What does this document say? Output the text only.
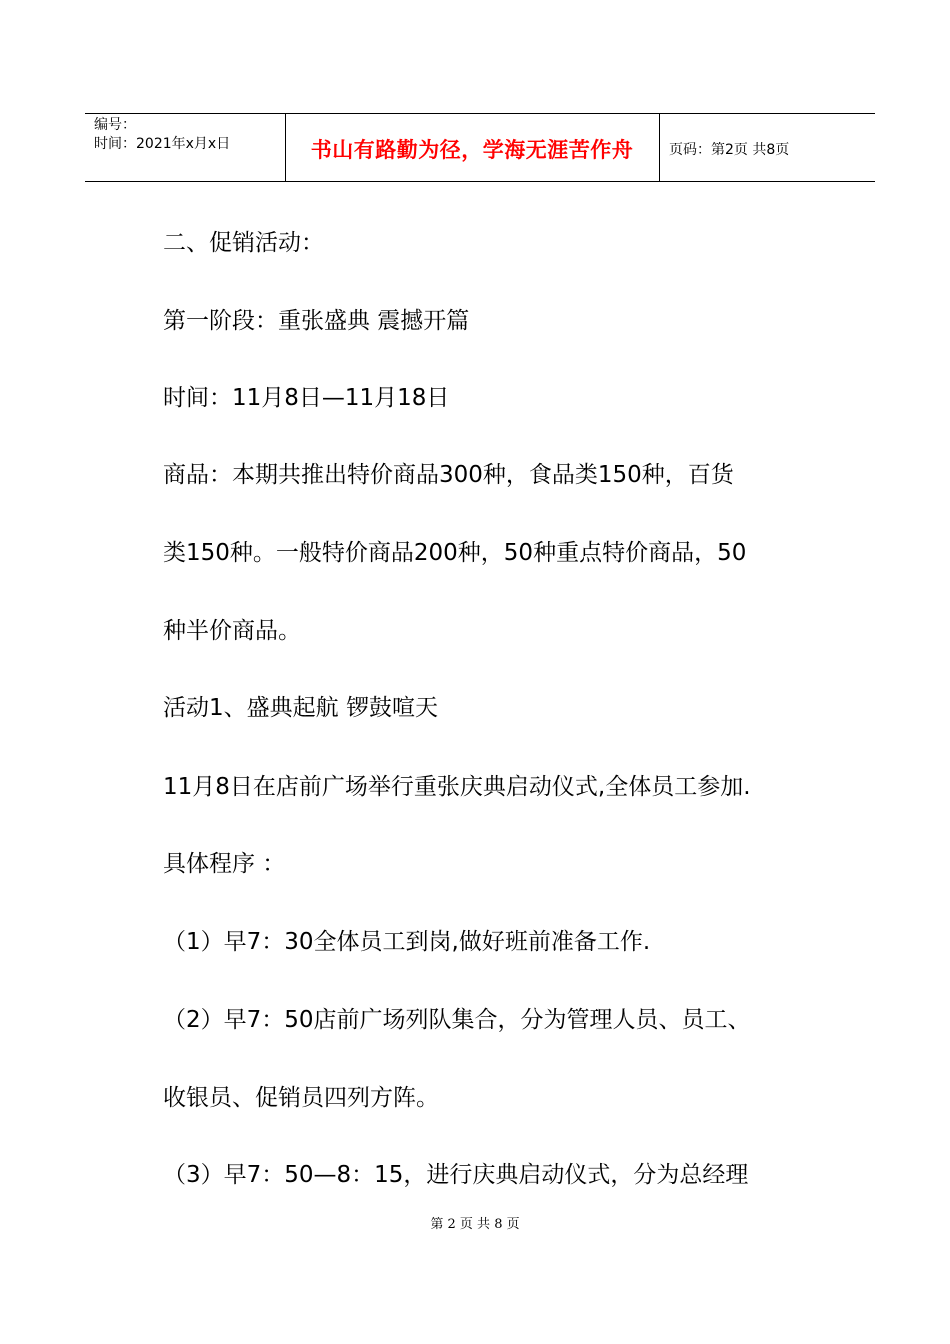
编号：
时间：2021年x月x日	书山有路勤为径，学海无涯苦作舟	页码：第2页 共8页
二、促销活动：
第一阶段：重张盛典 震撼开篇
时间：11月8日—11月18日
商品：本期共推出特价商品300种，食品类150种，百货
类150种。一般特价商品200种，50种重点特价商品，50
种半价商品。
活动1、盛典起航 锣鼓喧天
11月8日在店前广场举行重张庆典启动仪式,全体员工参加.
具体程序 ：
（1）早7：30全体员工到岗,做好班前准备工作.
（2）早7：50店前广场列队集合，分为管理人员、员工、
收银员、促销员四列方阵。
（3）早7：50—8：15，进行庆典启动仪式，分为总经理
第 2 页 共 8 页
